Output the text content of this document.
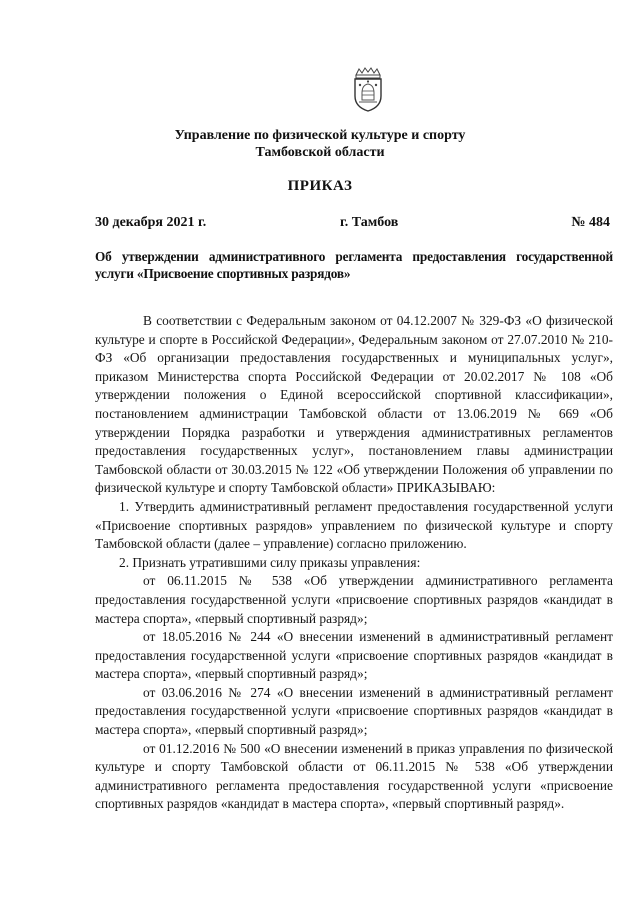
Управление по физической культуре и спорту
Тамбовской области
ПРИКАЗ
30 декабря 2021 г.	г. Тамбов	№ 484
Об утверждении административного регламента предоставления государственной услуги «Присвоение спортивных разрядов»

В соответствии с Федеральным законом от 04.12.2007 № 329-ФЗ «О физической культуре и спорте в Российской Федерации», Федеральным законом от 27.07.2010 № 210-ФЗ «Об организации предоставления государственных и муниципальных услуг», приказом Министерства спорта Российской Федерации от 20.02.2017 № 108 «Об утверждении положения о Единой всероссийской спортивной классификации», постановлением администрации Тамбовской области от 13.06.2019 № 669 «Об утверждении Порядка разработки и утверждения административных регламентов предоставления государственных услуг», постановлением главы администрации Тамбовской области от 30.03.2015 № 122 «Об утверждении Положения об управлении по физической культуре и спорту Тамбовской области» ПРИКАЗЫВАЮ:

1. Утвердить административный регламент предоставления государственной услуги «Присвоение спортивных разрядов» управлением по физической культуре и спорту Тамбовской области (далее – управление) согласно приложению.

2. Признать утратившими силу приказы управления:

от 06.11.2015 № 538 «Об утверждении административного регламента предоставления государственной услуги «присвоение спортивных разрядов «кандидат в мастера спорта», «первый спортивный разряд»;

от 18.05.2016 № 244 «О внесении изменений в административный регламент предоставления государственной услуги «присвоение спортивных разрядов «кандидат в мастера спорта», «первый спортивный разряд»;

от 03.06.2016 № 274 «О внесении изменений в административный регламент предоставления государственной услуги «присвоение спортивных разрядов «кандидат в мастера спорта», «первый спортивный разряд»;

от 01.12.2016 № 500 «О внесении изменений в приказ управления по физической культуре и спорту Тамбовской области от 06.11.2015 № 538 «Об утверждении административного регламента предоставления государственной услуги «присвоение спортивных разрядов «кандидат в мастера спорта», «первый спортивный разряд».
